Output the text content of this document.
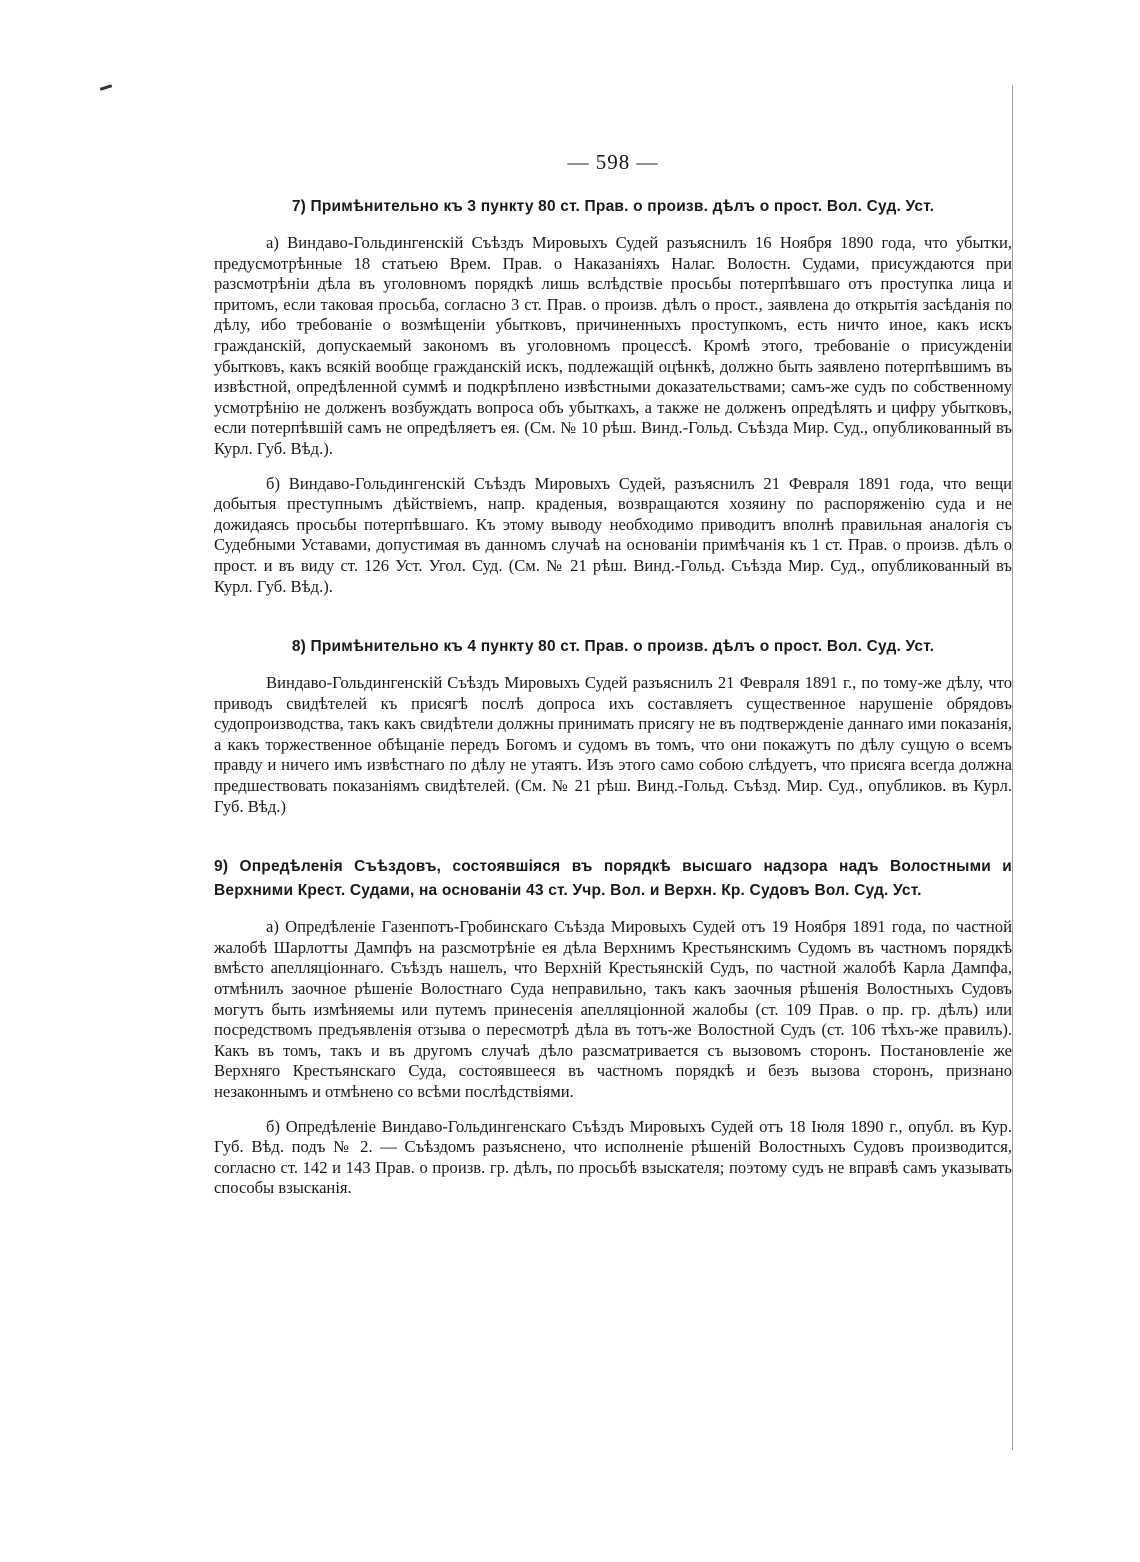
— 598 —
7) Примѣнительно къ 3 пункту 80 ст. Прав. о произв. дѣлъ о прост. Вол. Суд. Уст.

а) Виндаво-Гольдингенскій Съѣздъ Мировыхъ Судей разъяснилъ 16 Ноября 1890 года, что убытки, предусмотрѣнные 18 статьею Врем. Прав. о Наказаніяхъ Налаг. Волостн. Судами, присуждаются при разсмотрѣніи дѣла въ уголовномъ порядкѣ лишь вслѣдствіе просьбы потерпѣвшаго отъ проступка лица и притомъ, если таковая просьба, согласно 3 ст. Прав. о произв. дѣлъ о прост., заявлена до открытія засѣданія по дѣлу, ибо требованіе о возмѣщеніи убытковъ, причиненныхъ проступкомъ, есть ничто иное, какъ искъ гражданскій, допускаемый закономъ въ уголовномъ процессѣ. Кромѣ этого, требованіе о присужденіи убытковъ, какъ всякій вообще гражданскій искъ, подлежащій оцѣнкѣ, должно быть заявлено потерпѣвшимъ въ извѣстной, опредѣленной суммѣ и подкрѣплено извѣстными доказательствами; самъ-же судъ по собственному усмотрѣнію не долженъ возбуждать вопроса объ убыткахъ, а также не долженъ опредѣлять и цифру убытковъ, если потерпѣвшій самъ не опредѣляетъ ея. (См. № 10 рѣш. Винд.-Гольд. Съѣзда Мир. Суд., опубликованный въ Курл. Губ. Вѣд.).

б) Виндаво-Гольдингенскій Съѣздъ Мировыхъ Судей, разъяснилъ 21 Февраля 1891 года, что вещи добытыя преступнымъ дѣйствіемъ, напр. краденыя, возвращаются хозяину по распоряженію суда и не дожидаясь просьбы потерпѣвшаго. Къ этому выводу необходимо приводитъ вполнѣ правильная аналогія съ Судебными Уставами, допустимая въ данномъ случаѣ на основаніи примѣчанія къ 1 ст. Прав. о произв. дѣлъ о прост. и въ виду ст. 126 Уст. Угол. Суд. (См. № 21 рѣш. Винд.-Гольд. Съѣзда Мир. Суд., опубликованный въ Курл. Губ. Вѣд.).

8) Примѣнительно къ 4 пункту 80 ст. Прав. о произв. дѣлъ о прост. Вол. Суд. Уст.

Виндаво-Гольдингенскій Съѣздъ Мировыхъ Судей разъяснилъ 21 Февраля 1891 г., по тому-же дѣлу, что приводъ свидѣтелей къ присягѣ послѣ допроса ихъ составляетъ существенное нарушеніе обрядовъ судопроизводства, такъ какъ свидѣтели должны принимать присягу не въ подтвержденіе даннаго ими показанія, а какъ торжественное обѣщаніе передъ Богомъ и судомъ въ томъ, что они покажутъ по дѣлу сущую о всемъ правду и ничего имъ извѣстнаго по дѣлу не утаятъ. Изъ этого само собою слѣдуетъ, что присяга всегда должна предшествовать показаніямъ свидѣтелей. (См. № 21 рѣш. Винд.-Гольд. Съѣзд. Мир. Суд., опубликов. въ Курл. Губ. Вѣд.)

9) Опредѣленія Съѣздовъ, состоявшіяся въ порядкѣ высшаго надзора надъ Волостными и Верхними Крест. Судами, на основаніи 43 ст. Учр. Вол. и Верхн. Кр. Судовъ Вол. Суд. Уст.

а) Опредѣленіе Газенпотъ-Гробинскаго Съѣзда Мировыхъ Судей отъ 19 Ноября 1891 года, по частной жалобѣ Шарлотты Дампфъ на разсмотрѣніе ея дѣла Верхнимъ Крестьянскимъ Судомъ въ частномъ порядкѣ вмѣсто апелляціоннаго. Съѣздъ нашелъ, что Верхній Крестьянскій Судъ, по частной жалобѣ Карла Дампфа, отмѣнилъ заочное рѣшеніе Волостнаго Суда неправильно, такъ какъ заочныя рѣшенія Волостныхъ Судовъ могутъ быть измѣняемы или путемъ принесенія апелляціонной жалобы (ст. 109 Прав. о пр. гр. дѣлъ) или посредствомъ предъявленія отзыва о пересмотрѣ дѣла въ тотъ-же Волостной Судъ (ст. 106 тѣхъ-же правилъ). Какъ въ томъ, такъ и въ другомъ случаѣ дѣло разсматривается съ вызовомъ сторонъ. Постановленіе же Верхняго Крестьянскаго Суда, состоявшееся въ частномъ порядкѣ и безъ вызова сторонъ, признано незаконнымъ и отмѣнено со всѣми послѣдствіями.

б) Опредѣленіе Виндаво-Гольдингенскаго Съѣздъ Мировыхъ Судей отъ 18 Іюля 1890 г., опубл. въ Кур. Губ. Вѣд. подъ № 2. — Съѣздомъ разъяснено, что исполненіе рѣшеній Волостныхъ Судовъ производится, согласно ст. 142 и 143 Прав. о произв. гр. дѣлъ, по просьбѣ взыскателя; поэтому судъ не вправѣ самъ указывать способы взысканія.
